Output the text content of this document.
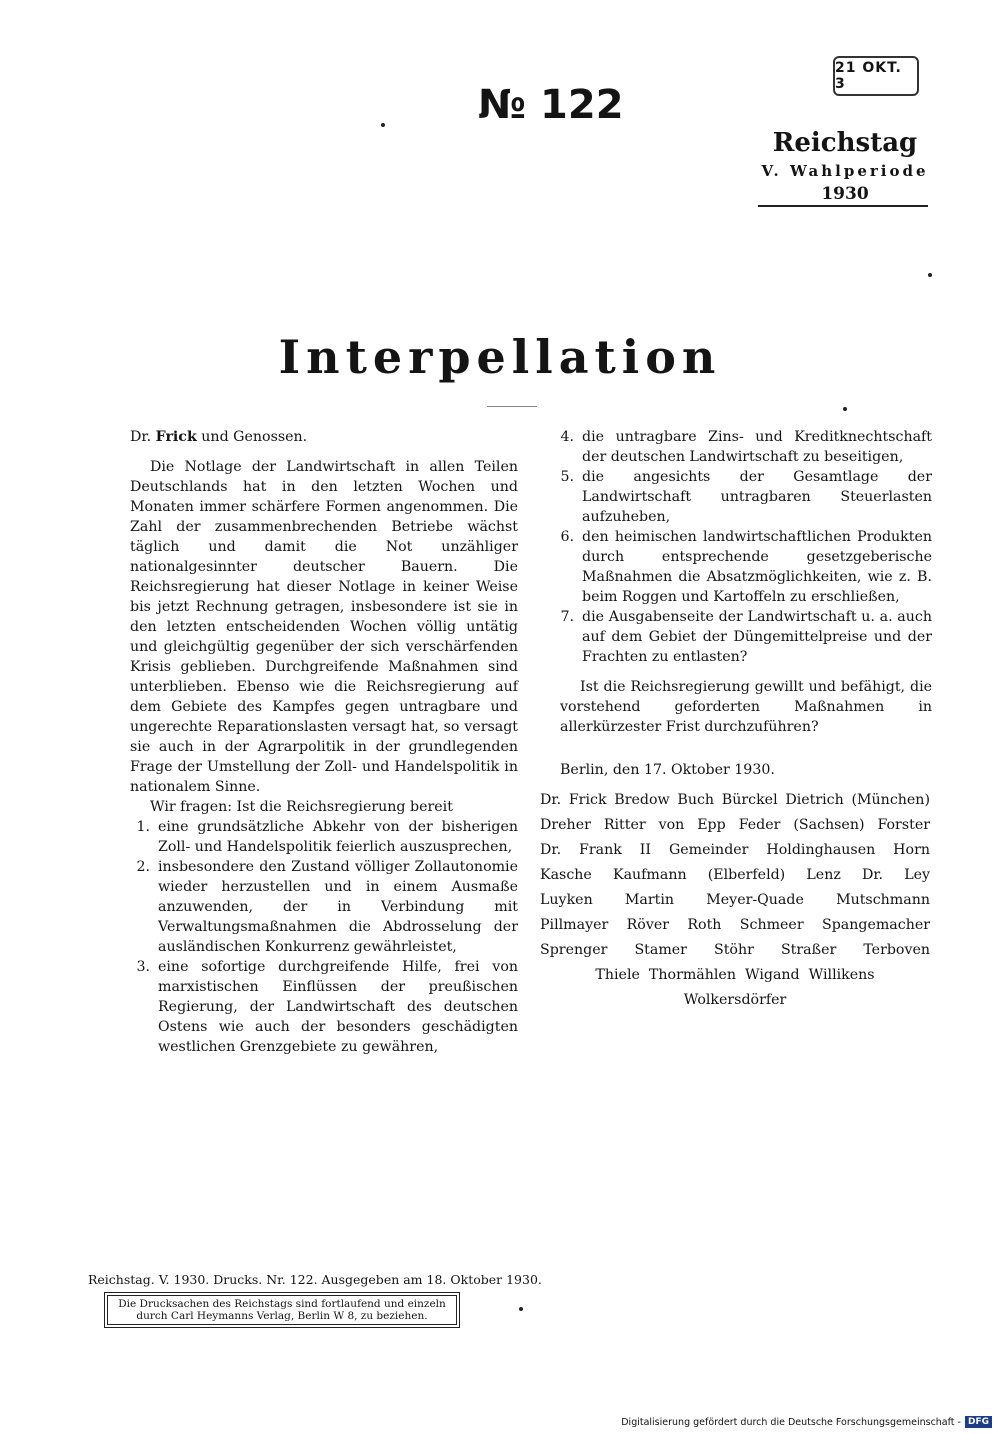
21 OKT. 3
№ 122
Reichstag
V. Wahlperiode
1930
Interpellation

Dr. Frick und Genossen.

Die Notlage der Landwirtschaft in allen Teilen Deutschlands hat in den letzten Wochen und Monaten immer schärfere Formen angenommen. Die Zahl der zusammenbrechenden Betriebe wächst täglich und damit die Not unzähliger nationalgesinnter deutscher Bauern. Die Reichsregierung hat dieser Notlage in keiner Weise bis jetzt Rechnung getragen, insbesondere ist sie in den letzten entscheidenden Wochen völlig untätig und gleichgültig gegenüber der sich verschärfenden Krisis geblieben. Durchgreifende Maßnahmen sind unterblieben. Ebenso wie die Reichsregierung auf dem Gebiete des Kampfes gegen untragbare und ungerechte Reparationslasten versagt hat, so versagt sie auch in der Agrarpolitik in der grundlegenden Frage der Umstellung der Zoll- und Handelspolitik in nationalem Sinne.

Wir fragen: Ist die Reichsregierung bereit

1. eine grundsätzliche Abkehr von der bisherigen Zoll- und Handelspolitik feierlich auszusprechen,
2. insbesondere den Zustand völliger Zollautonomie wieder herzustellen und in einem Ausmaße anzuwenden, der in Verbindung mit Verwaltungsmaßnahmen die Abdrosselung der ausländischen Konkurrenz gewährleistet,
3. eine sofortige durchgreifende Hilfe, frei von marxistischen Einflüssen der preußischen Regierung, der Landwirtschaft des deutschen Ostens wie auch der besonders geschädigten westlichen Grenzgebiete zu gewähren,
4. die untragbare Zins- und Kreditknechtschaft der deutschen Landwirtschaft zu beseitigen,
5. die angesichts der Gesamtlage der Landwirtschaft untragbaren Steuerlasten aufzuheben,
6. den heimischen landwirtschaftlichen Produkten durch entsprechende gesetzgeberische Maßnahmen die Absatzmöglichkeiten, wie z. B. beim Roggen und Kartoffeln zu erschließen,
7. die Ausgabenseite der Landwirtschaft u. a. auch auf dem Gebiet der Düngemittelpreise und der Frachten zu entlasten?

Ist die Reichsregierung gewillt und befähigt, die vorstehend geforderten Maßnahmen in allerkürzester Frist durchzuführen?

Berlin, den 17. Oktober 1930.

Dr. Frick Bredow Buch Bürckel Dietrich (München)
Dreher Ritter von Epp Feder (Sachsen) Forster
Dr. Frank II Gemeinder Holdinghausen Horn
Kasche Kaufmann (Elberfeld) Lenz Dr. Ley
Luyken Martin Meyer-Quade Mutschmann
Pillmayer Röver Roth Schmeer Spangemacher
Sprenger Stamer Stöhr Straßer Terboven
Thiele Thormählen Wigand Willikens
Wolkersdörfer
Reichstag. V. 1930. Drucks. Nr. 122. Ausgegeben am 18. Oktober 1930.
Die Drucksachen des Reichstags sind fortlaufend und einzeln durch Carl Heymanns Verlag, Berlin W 8, zu beziehen.
Digitalisierung gefördert durch die Deutsche Forschungsgemeinschaft - DFG
